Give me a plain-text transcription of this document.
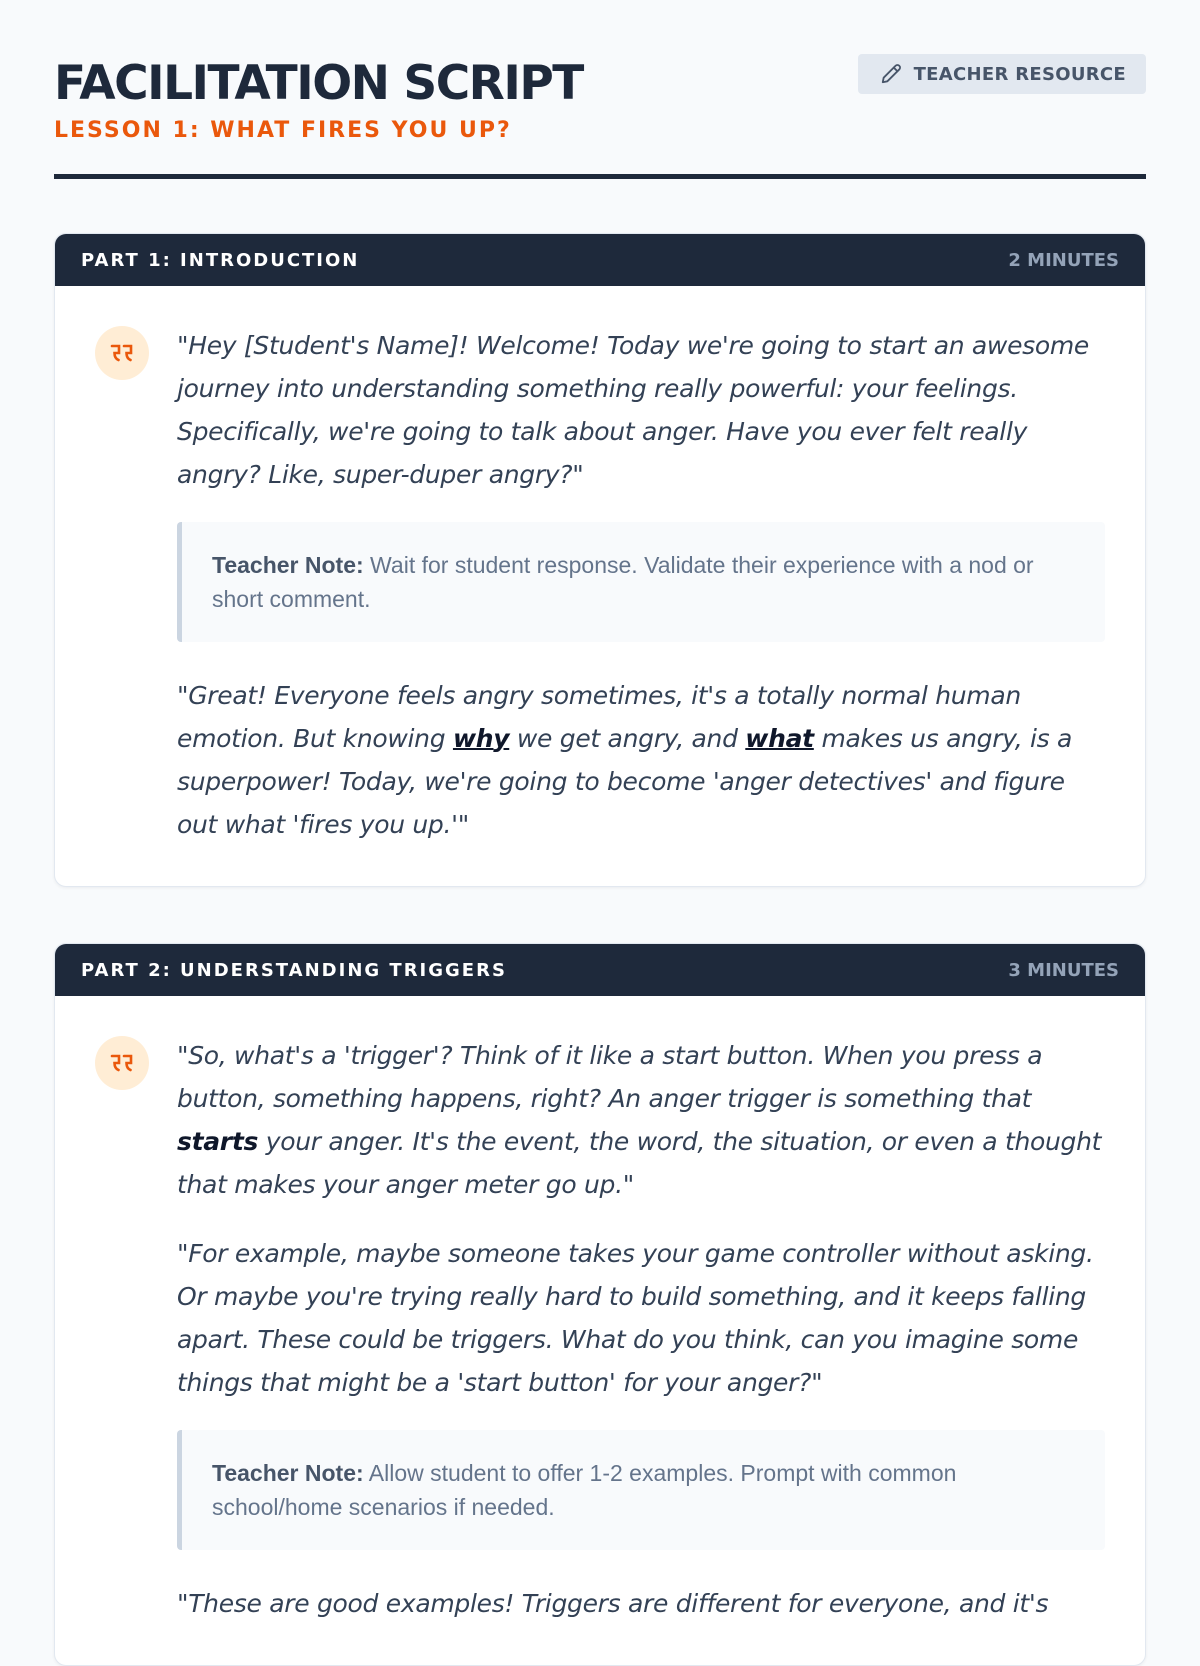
FACILITATION SCRIPT
LESSON 1: WHAT FIRES YOU UP?
TEACHER RESOURCE
PART 1: INTRODUCTION	2 MINUTES

"Hey [Student's Name]! Welcome! Today we're going to start an awesome journey into understanding something really powerful: your feelings. Specifically, we're going to talk about anger. Have you ever felt really angry? Like, super-duper angry?"

Teacher Note: Wait for student response. Validate their experience with a nod or short comment.

"Great! Everyone feels angry sometimes, it's a totally normal human emotion. But knowing why we get angry, and what makes us angry, is a superpower! Today, we're going to become 'anger detectives' and figure out what 'fires you up.'"

PART 2: UNDERSTANDING TRIGGERS	3 MINUTES

"So, what's a 'trigger'? Think of it like a start button. When you press a button, something happens, right? An anger trigger is something that starts your anger. It's the event, the word, the situation, or even a thought that makes your anger meter go up."

"For example, maybe someone takes your game controller without asking. Or maybe you're trying really hard to build something, and it keeps falling apart. These could be triggers. What do you think, can you imagine some things that might be a 'start button' for your anger?"

Teacher Note: Allow student to offer 1-2 examples. Prompt with common school/home scenarios if needed.

"These are good examples! Triggers are different for everyone, and it's
